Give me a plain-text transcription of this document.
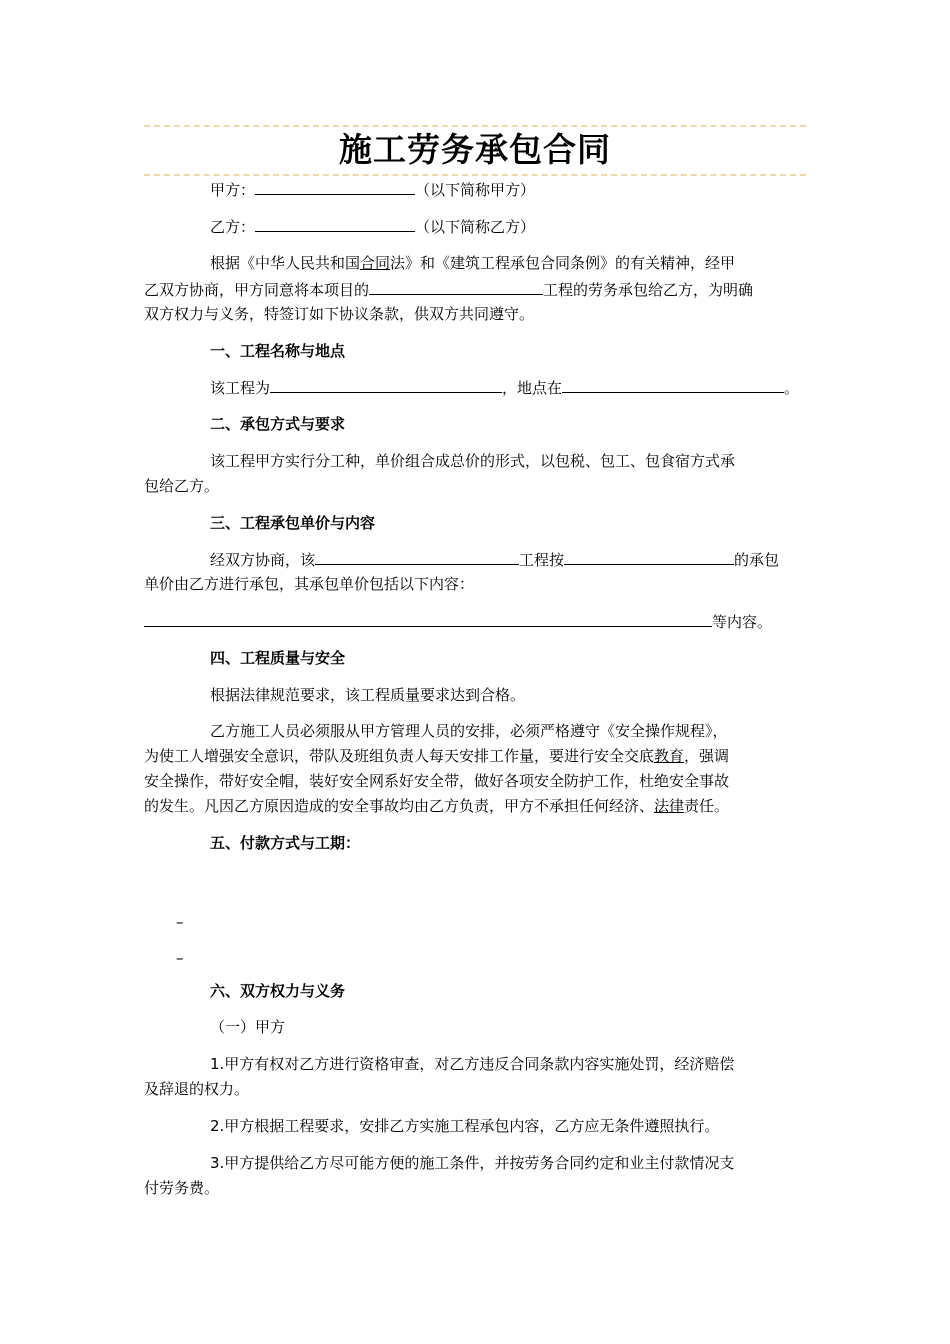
施工劳务承包合同
甲方：	（以下简称甲方）
乙方：	（以下简称乙方）
根据《中华人民共和国合同法》和《建筑工程承包合同条例》的有关精神，经甲
乙双方协商，甲方同意将本项目的	工程的劳务承包给乙方，为明确
双方权力与义务，特签订如下协议条款，供双方共同遵守。
一、工程名称与地点
该工程为	，地点在	。
二、承包方式与要求
该工程甲方实行分工种，单价组合成总价的形式，以包税、包工、包食宿方式承
包给乙方。
三、工程承包单价与内容
经双方协商，该	工程按	的承包
单价由乙方进行承包，其承包单价包括以下内容：
等内容。
四、工程质量与安全
根据法律规范要求，该工程质量要求达到合格。
乙方施工人员必须服从甲方管理人员的安排，必须严格遵守《安全操作规程》，
为使工人增强安全意识，带队及班组负责人每天安排工作量，要进行安全交底教育，强调
安全操作，带好安全帽，装好安全网系好安全带，做好各项安全防护工作，杜绝安全事故
的发生。凡因乙方原因造成的安全事故均由乙方负责，甲方不承担任何经济、法律责任。
五、付款方式与工期：
–
–
六、双方权力与义务
（一）甲方
1.甲方有权对乙方进行资格审查，对乙方违反合同条款内容实施处罚，经济赔偿
及辞退的权力。
2.甲方根据工程要求，安排乙方实施工程承包内容，乙方应无条件遵照执行。
3.甲方提供给乙方尽可能方便的施工条件，并按劳务合同约定和业主付款情况支
付劳务费。
